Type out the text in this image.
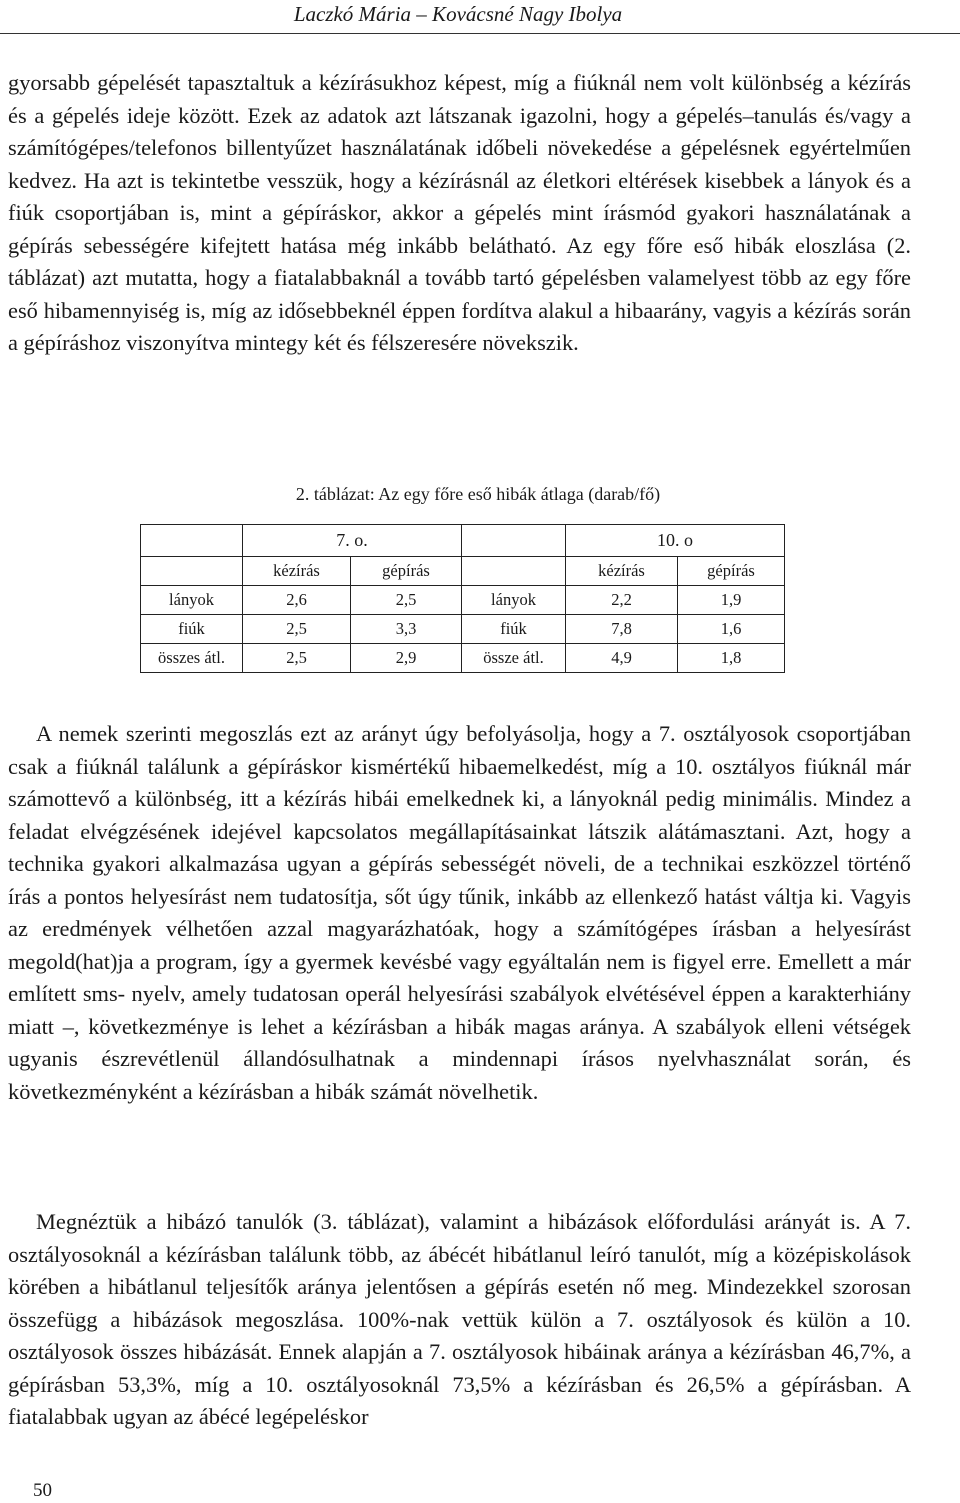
Laczkó Mária – Kovácsné Nagy Ibolya

gyorsabb gépelését tapasztaltuk a kézírásukhoz képest, míg a fiúknál nem volt különbség a kézírás és a gépelés ideje között. Ezek az adatok azt látszanak igazolni, hogy a gépelés–tanulás és/vagy a számítógépes/telefonos billentyűzet használatának időbeli növekedése a gépelésnek egyértelműen kedvez. Ha azt is tekintetbe vesszük, hogy a kézírásnál az életkori eltérések kisebbek a lányok és a fiúk csoportjában is, mint a gépíráskor, akkor a gépelés mint írásmód gyakori használatának a gépírás sebességére kifejtett hatása még inkább belátható. Az egy főre eső hibák eloszlása (2. táblázat) azt mutatta, hogy a fiatalabbaknál a tovább tartó gépelésben valamelyest több az egy főre eső hibamennyiség is, míg az idősebbeknél éppen fordítva alakul a hibaarány, vagyis a kézírás során a gépíráshoz viszonyítva mintegy két és félszeresére növekszik.

2. táblázat: Az egy főre eső hibák átlaga (darab/fő)
	7. o.			10. o	
	kézírás	gépírás		kézírás	gépírás
lányok	2,6	2,5	lányok	2,2	1,9
fiúk	2,5	3,3	fiúk	7,8	1,6
összes átl.	2,5	2,9	össze átl.	4,9	1,8

A nemek szerinti megoszlás ezt az arányt úgy befolyásolja, hogy a 7. osztályosok csoportjában csak a fiúknál találunk a gépíráskor kismértékű hibaemelkedést, míg a 10. osztályos fiúknál már számottevő a különbség, itt a kézírás hibái emelkednek ki, a lányoknál pedig minimális. Mindez a feladat elvégzésének idejével kapcsolatos megállapításainkat látszik alátámasztani. Azt, hogy a technika gyakori alkalmazása ugyan a gépírás sebességét növeli, de a technikai eszközzel történő írás a pontos helyesírást nem tudatosítja, sőt úgy tűnik, inkább az ellenkező hatást váltja ki. Vagyis az eredmények vélhetően azzal magyarázhatóak, hogy a számítógépes írásban a helyesírást megold(hat)ja a program, így a gyermek kevésbé vagy egyáltalán nem is figyel erre. Emellett a már említett sms- nyelv, amely tudatosan operál helyesírási szabályok elvétésével éppen a karakterhiány miatt –, következménye is lehet a kézírásban a hibák magas aránya. A szabályok elleni vétségek ugyanis észrevétlenül állandósulhatnak a mindennapi írásos nyelvhasználat során, és következményként a kézírásban a hibák számát növelhetik.

Megnéztük a hibázó tanulók (3. táblázat), valamint a hibázások előfordulási arányát is. A 7. osztályosoknál a kézírásban találunk több, az ábécét hibátlanul leíró tanulót, míg a középiskolások körében a hibátlanul teljesítők aránya jelentősen a gépírás esetén nő meg. Mindezekkel szorosan összefügg a hibázások megoszlása. 100%-nak vettük külön a 7. osztályosok és külön a 10. osztályosok összes hibázását. Ennek alapján a 7. osztályosok hibáinak aránya a kézírásban 46,7%, a gépírásban 53,3%, míg a 10. osztályosoknál 73,5% a kézírásban és 26,5% a gépírásban. A fiatalabbak ugyan az ábécé legépeléskor

50
